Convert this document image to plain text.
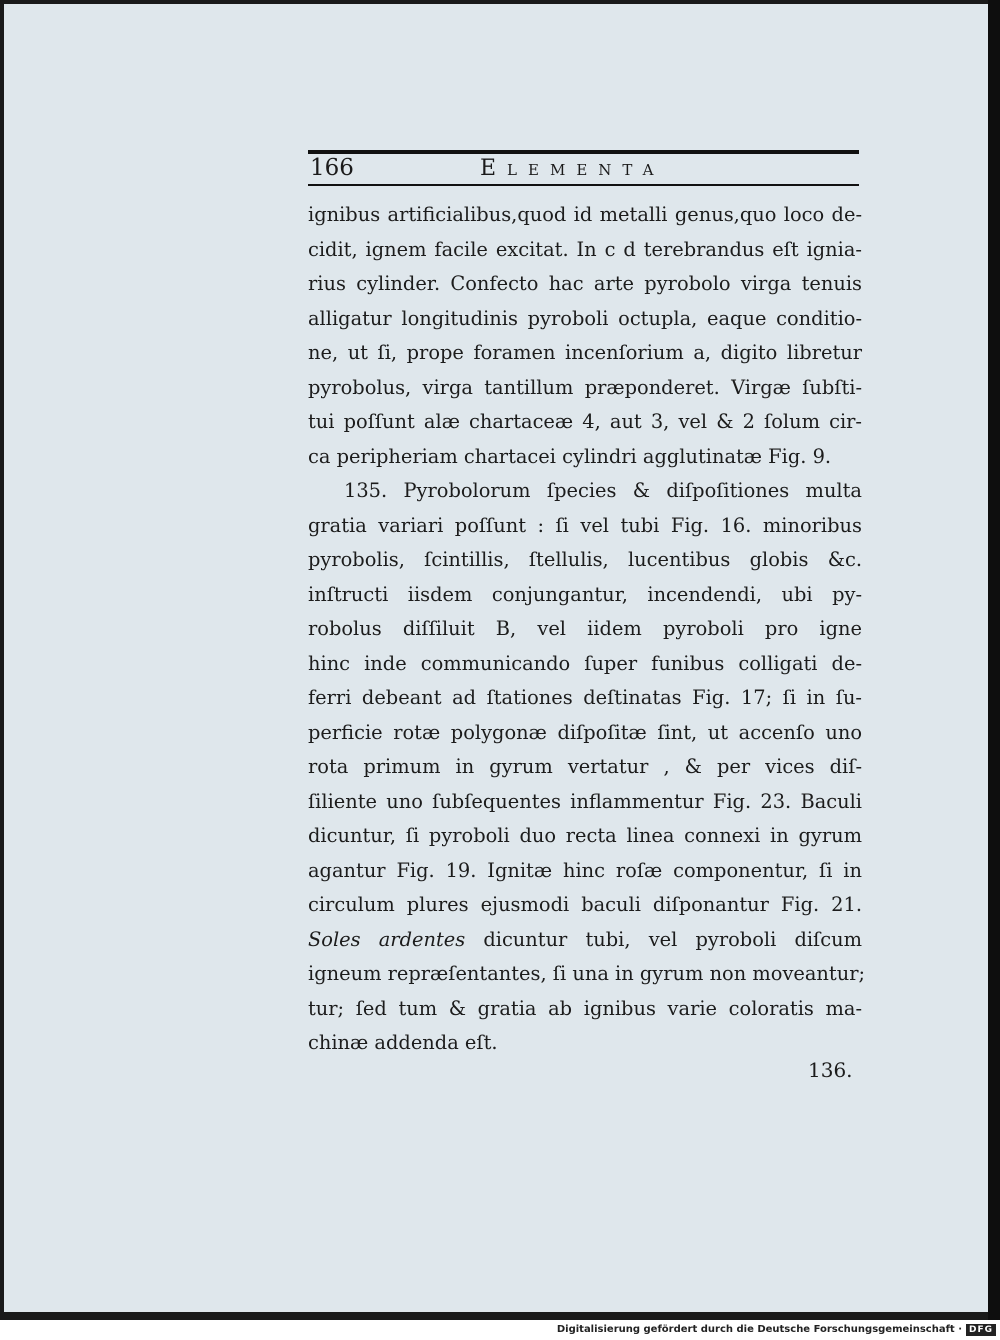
166	Elementa
ignibus artificialibus,quod id metalli genus,quo loco de-
cidit, ignem facile excitat. In c d terebrandus eſt ignia-
rius cylinder. Confecto hac arte pyrobolo virga tenuis
alligatur longitudinis pyroboli octupla, eaque conditio-
ne, ut ſi, prope foramen incenſorium a, digito libretur
pyrobolus, virga tantillum præponderet. Virgæ ſubſti-
tui poſſunt alæ chartaceæ 4, aut 3, vel & 2 ſolum cir-
ca peripheriam chartacei cylindri agglutinatæ Fig. 9.
135. Pyrobolorum ſpecies & diſpoſitiones multa
gratia variari poſſunt : ſi vel tubi Fig. 16. minoribus
pyrobolis, ſcintillis, ſtellulis, lucentibus globis &c.
inſtructi iisdem conjungantur, incendendi, ubi py-
robolus diſſiluit B, vel iidem pyroboli pro igne
hinc inde communicando ſuper funibus colligati de-
ferri debeant ad ſtationes deſtinatas Fig. 17; ſi in ſu-
perficie rotæ polygonæ diſpoſitæ ſint, ut accenſo uno
rota primum in gyrum vertatur , & per vices diſ-
ſiliente uno ſubſequentes inflammentur Fig. 23. Baculi
dicuntur, ſi pyroboli duo recta linea connexi in gyrum
agantur Fig. 19. Ignitæ hinc roſæ componentur, ſi in
circulum plures ejusmodi baculi diſponantur Fig. 21.
Soles ardentes dicuntur tubi, vel pyroboli diſcum
igneum repræſentantes, ſi una in gyrum non moveantur;
tur; ſed tum & gratia ab ignibus varie coloratis ma-
chinæ addenda eſt.
136.
Digitalisierung gefördert durch die Deutsche Forschungsgemeinschaft · DFG
